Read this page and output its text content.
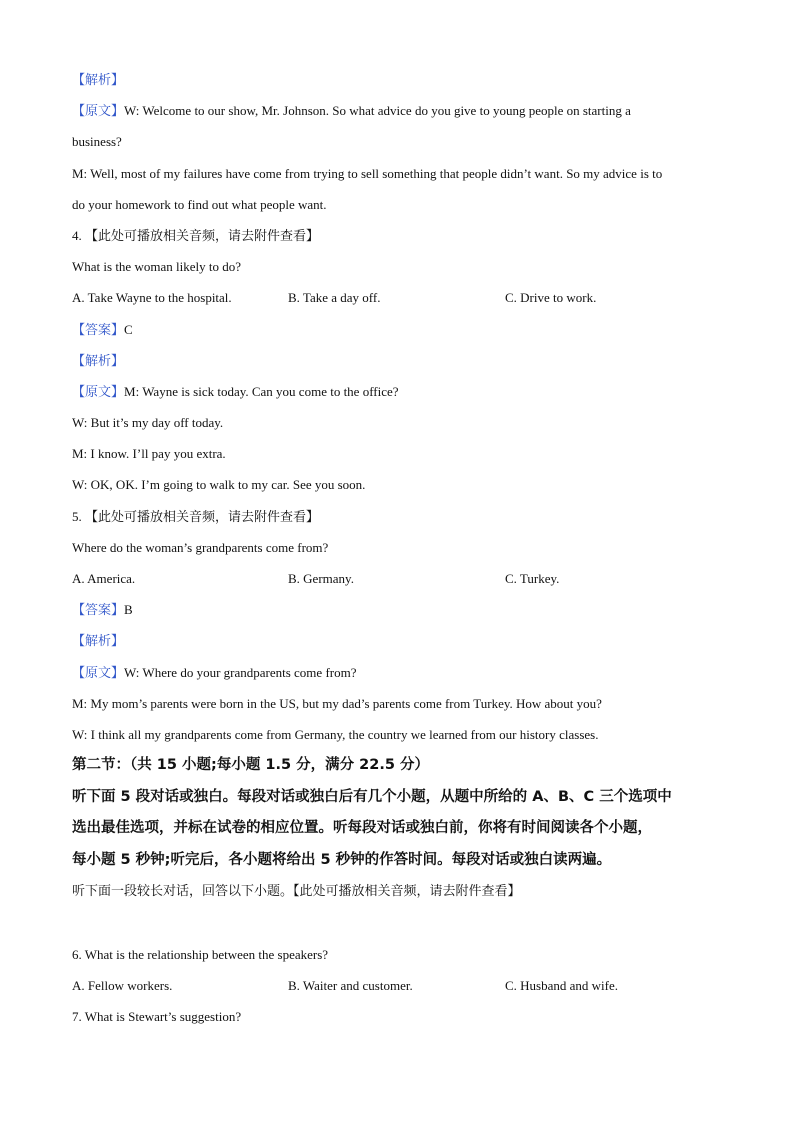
【解析】
【原文】W: Welcome to our show, Mr. Johnson. So what advice do you give to young people on starting a
business?
M: Well, most of my failures have come from trying to sell something that people didn’t want. So my advice is to
do your homework to find out what people want.
4. 【此处可播放相关音频，请去附件查看】
What is the woman likely to do?
A. Take Wayne to the hospital.	B. Take a day off.	C. Drive to work.
【答案】C
【解析】
【原文】M: Wayne is sick today. Can you come to the office?
W: But it’s my day off today.
M: I know. I’ll pay you extra.
W: OK, OK. I’m going to walk to my car. See you soon.
5. 【此处可播放相关音频，请去附件查看】
Where do the woman’s grandparents come from?
A. America.	B. Germany.	C. Turkey.
【答案】B
【解析】
【原文】W: Where do your grandparents come from?
M: My mom’s parents were born in the US, but my dad’s parents come from Turkey. How about you?
W: I think all my grandparents come from Germany, the country we learned from our history classes.
第二节：（共 15 小题;每小题 1.5 分，满分 22.5 分）
听下面 5 段对话或独白。每段对话或独白后有几个小题，从题中所给的 A、B、C 三个选项中
选出最佳选项，并标在试卷的相应位置。听每段对话或独白前，你将有时间阅读各个小题，
每小题 5 秒钟;听完后，各小题将给出 5 秒钟的作答时间。每段对话或独白读两遍。
听下面一段较长对话，回答以下小题。【此处可播放相关音频，请去附件查看】
6. What is the relationship between the speakers?
A. Fellow workers.	B. Waiter and customer.	C. Husband and wife.
7. What is Stewart’s suggestion?
